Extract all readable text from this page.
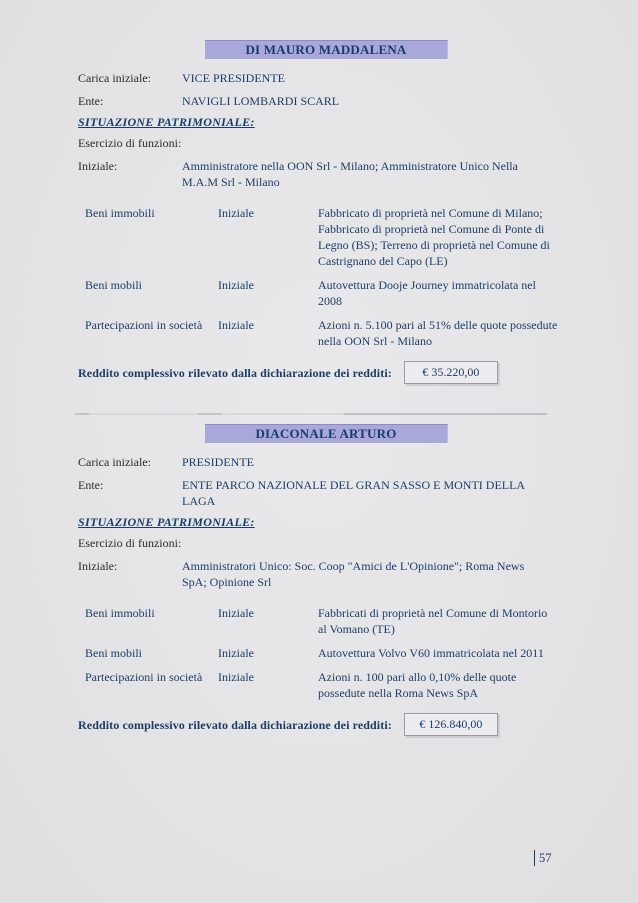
DI MAURO MADDALENA
Carica iniziale:	VICE PRESIDENTE
Ente:	NAVIGLI LOMBARDI SCARL
SITUAZIONE PATRIMONIALE:
Esercizio di funzioni:
Iniziale:	Amministratore nella OON Srl - Milano; Amministratore Unico Nella M.A.M Srl - Milano
Beni immobili	Iniziale	Fabbricato di proprietà nel Comune di Milano; Fabbricato di proprietà nel Comune di Ponte di Legno (BS); Terreno di proprietà nel Comune di Castrignano del Capo (LE)
Beni mobili	Iniziale	Autovettura Dooje Journey immatricolata nel 2008
Partecipazioni in società	Iniziale	Azioni n. 5.100 pari al 51% delle quote possedute nella OON Srl - Milano
Reddito complessivo rilevato dalla dichiarazione dei redditi:	€ 35.220,00
DIACONALE ARTURO
Carica iniziale:	PRESIDENTE
Ente:	ENTE PARCO NAZIONALE DEL GRAN SASSO E MONTI DELLA LAGA
SITUAZIONE PATRIMONIALE:
Esercizio di funzioni:
Iniziale:	Amministratori Unico: Soc. Coop "Amici de L'Opinione"; Roma News SpA; Opinione Srl
Beni immobili	Iniziale	Fabbricati di proprietà nel Comune di Montorio al Vomano (TE)
Beni mobili	Iniziale	Autovettura Volvo V60 immatricolata nel 2011
Partecipazioni in società	Iniziale	Azioni n. 100 pari allo 0,10% delle quote possedute nella Roma News SpA
Reddito complessivo rilevato dalla dichiarazione dei redditi:	€ 126.840,00
57
